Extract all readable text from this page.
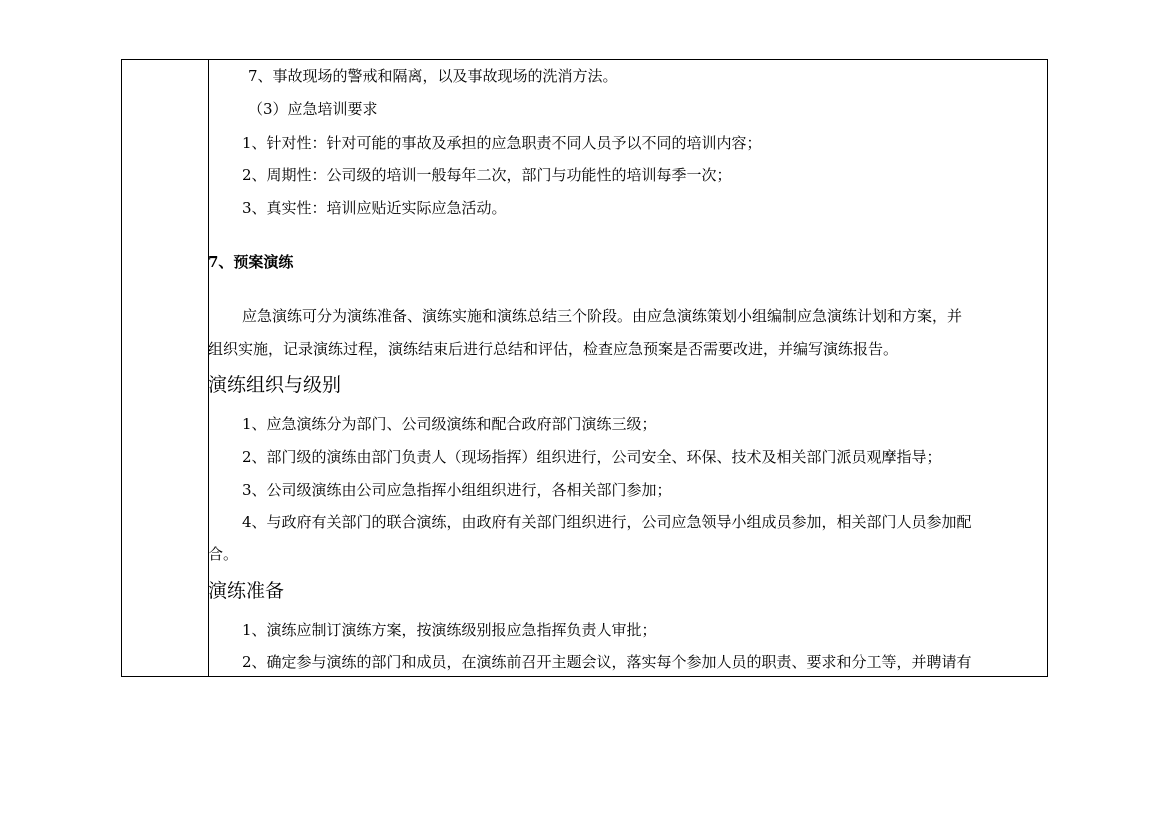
7、事故现场的警戒和隔离，以及事故现场的洗消方法。
（3）应急培训要求
1、针对性：针对可能的事故及承担的应急职责不同人员予以不同的培训内容；
2、周期性：公司级的培训一般每年二次，部门与功能性的培训每季一次；
3、真实性：培训应贴近实际应急活动。
7、预案演练
应急演练可分为演练准备、演练实施和演练总结三个阶段。由应急演练策划小组编制应急演练计划和方案，并
组织实施，记录演练过程，演练结束后进行总结和评估，检查应急预案是否需要改进，并编写演练报告。
演练组织与级别
1、应急演练分为部门、公司级演练和配合政府部门演练三级；
2、部门级的演练由部门负责人（现场指挥）组织进行，公司安全、环保、技术及相关部门派员观摩指导；
3、公司级演练由公司应急指挥小组组织进行，各相关部门参加；
4、与政府有关部门的联合演练，由政府有关部门组织进行，公司应急领导小组成员参加，相关部门人员参加配
合。
演练准备
1、演练应制订演练方案，按演练级别报应急指挥负责人审批；
2、确定参与演练的部门和成员，在演练前召开主题会议，落实每个参加人员的职责、要求和分工等，并聘请有
